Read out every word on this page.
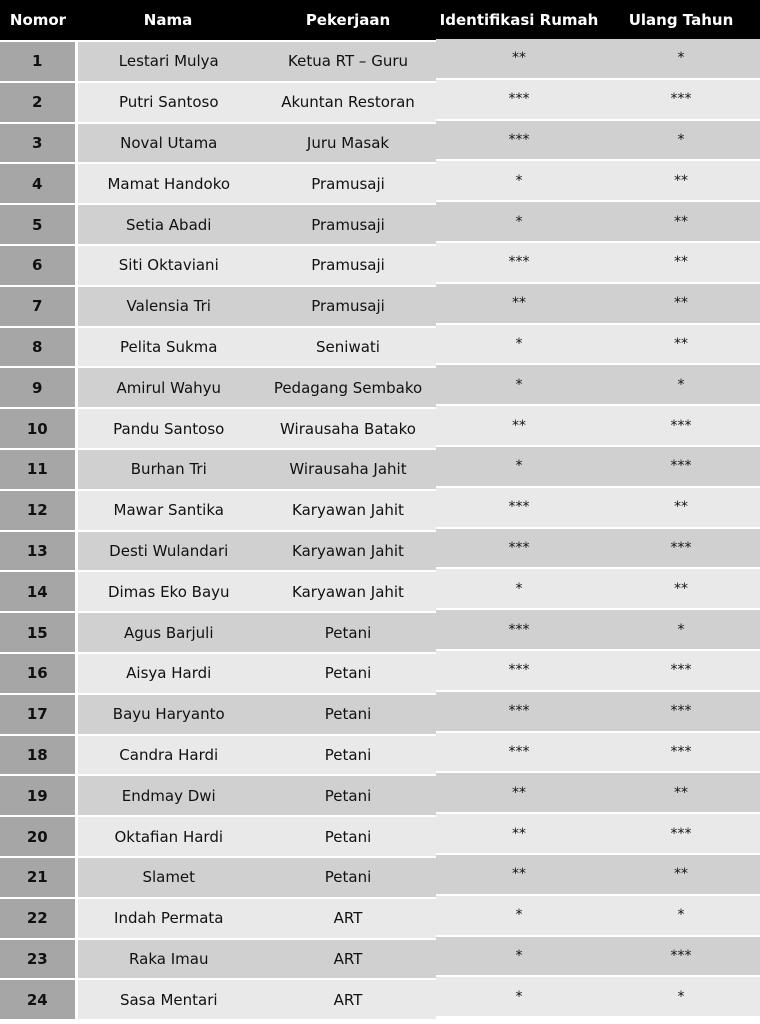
Nomor	Nama	Pekerjaan	Identifikasi Rumah	Ulang Tahun
1	Lestari Mulya	Ketua RT – Guru	**	*
2	Putri Santoso	Akuntan Restoran	***	***
3	Noval Utama	Juru Masak	***	*
4	Mamat Handoko	Pramusaji	*	**
5	Setia Abadi	Pramusaji	*	**
6	Siti Oktaviani	Pramusaji	***	**
7	Valensia Tri	Pramusaji	**	**
8	Pelita Sukma	Seniwati	*	**
9	Amirul Wahyu	Pedagang Sembako	*	*
10	Pandu Santoso	Wirausaha Batako	**	***
11	Burhan Tri	Wirausaha Jahit	*	***
12	Mawar Santika	Karyawan Jahit	***	**
13	Desti Wulandari	Karyawan Jahit	***	***
14	Dimas Eko Bayu	Karyawan Jahit	*	**
15	Agus Barjuli	Petani	***	*
16	Aisya Hardi	Petani	***	***
17	Bayu Haryanto	Petani	***	***
18	Candra Hardi	Petani	***	***
19	Endmay Dwi	Petani	**	**
20	Oktafian Hardi	Petani	**	***
21	Slamet	Petani	**	**
22	Indah Permata	ART	*	*
23	Raka Imau	ART	*	***
24	Sasa Mentari	ART	*	*
